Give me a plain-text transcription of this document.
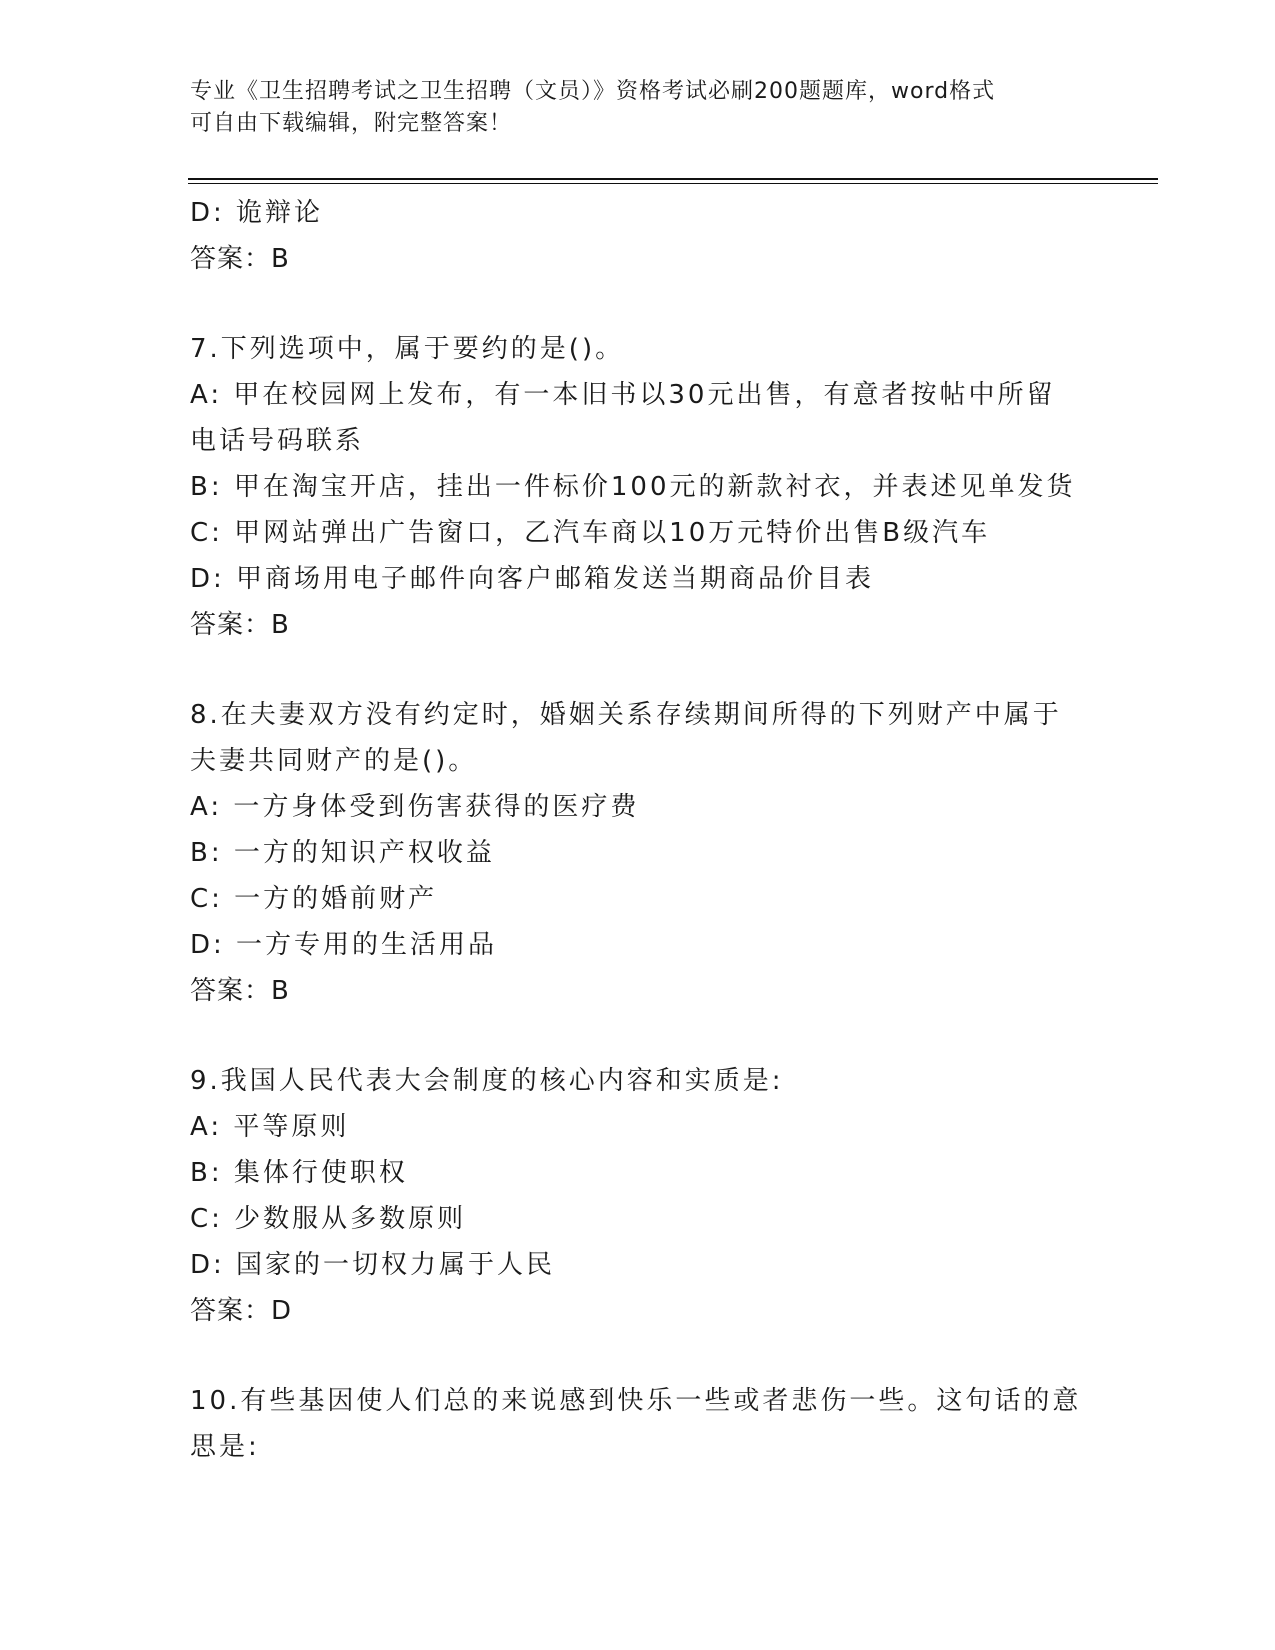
专业《卫生招聘考试之卫生招聘（文员）》资格考试必刷200题题库，word格式
可自由下载编辑，附完整答案！
D: 诡辩论
答案：B
7.下列选项中，属于要约的是()。
A: 甲在校园网上发布，有一本旧书以30元出售，有意者按帖中所留
电话号码联系
B: 甲在淘宝开店，挂出一件标价100元的新款衬衣，并表述见单发货
C: 甲网站弹出广告窗口，乙汽车商以10万元特价出售B级汽车
D: 甲商场用电子邮件向客户邮箱发送当期商品价目表
答案：B
8.在夫妻双方没有约定时，婚姻关系存续期间所得的下列财产中属于
夫妻共同财产的是()。
A: 一方身体受到伤害获得的医疗费
B: 一方的知识产权收益
C: 一方的婚前财产
D: 一方专用的生活用品
答案：B
9.我国人民代表大会制度的核心内容和实质是:
A: 平等原则
B: 集体行使职权
C: 少数服从多数原则
D: 国家的一切权力属于人民
答案：D
10.有些基因使人们总的来说感到快乐一些或者悲伤一些。这句话的意
思是:
